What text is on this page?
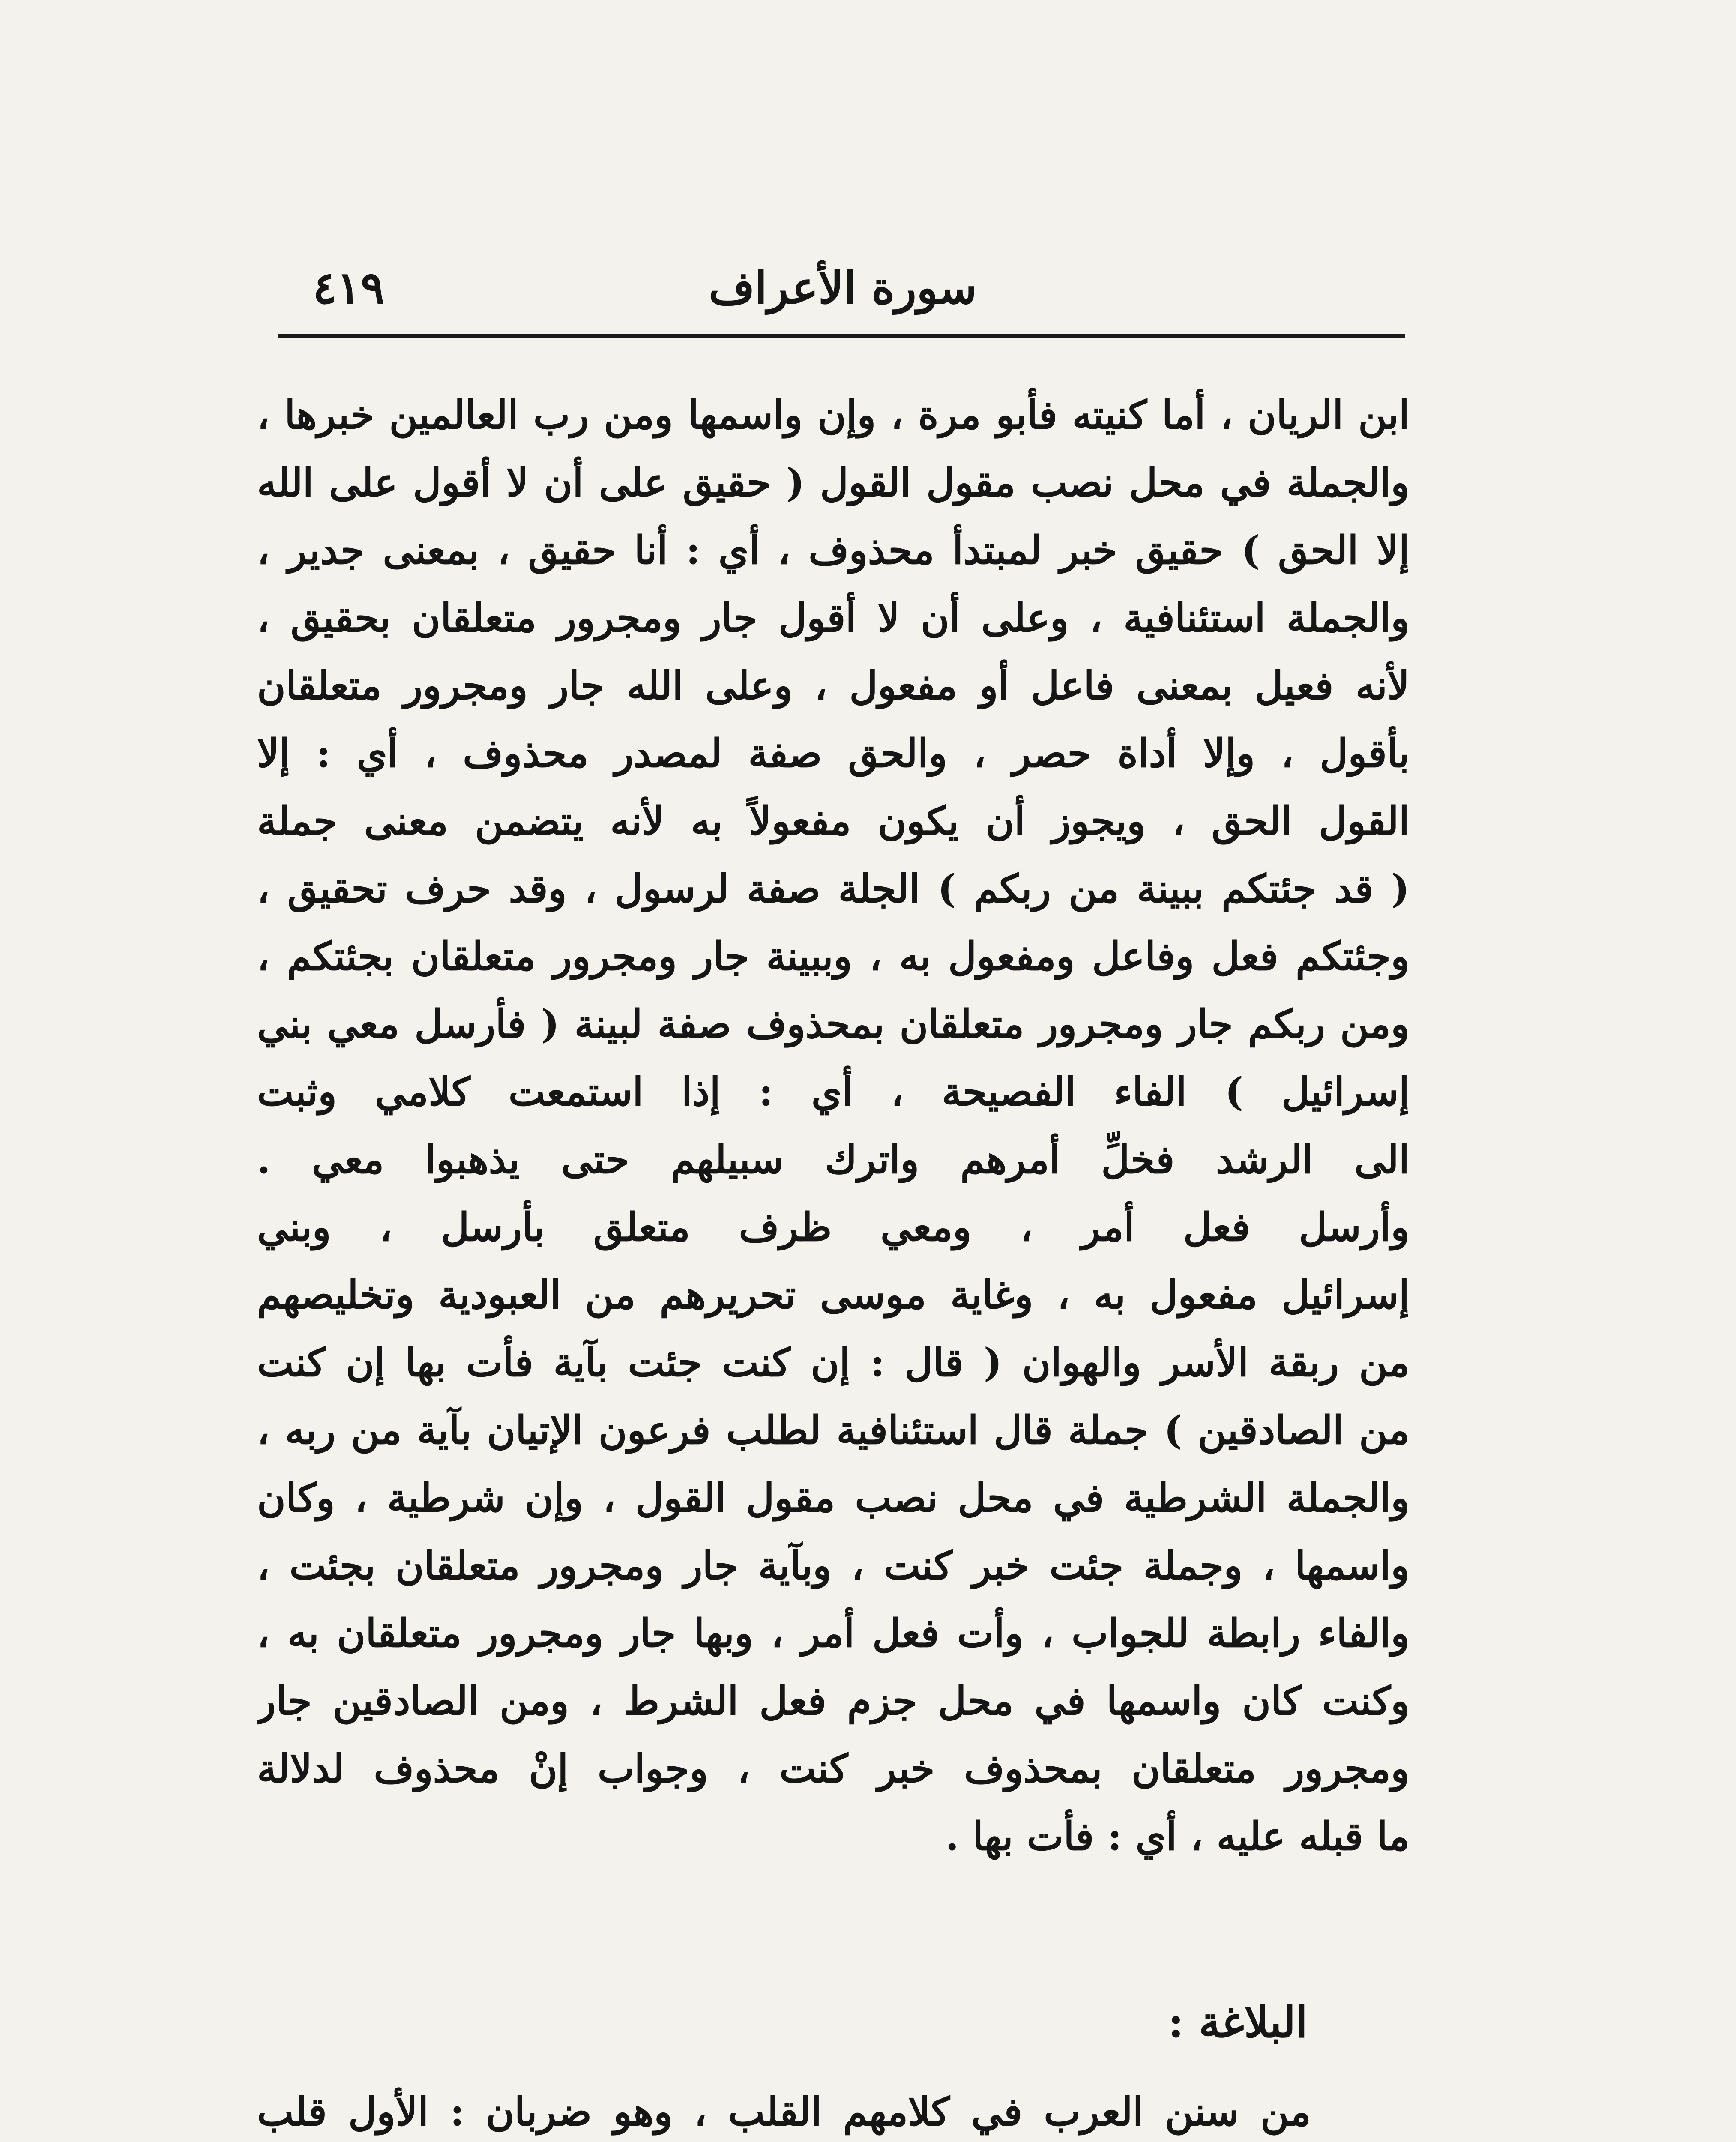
سورة الأعراف
٤١٩
ابن الريان ، أما كنيته فأبو مرة ، وإن واسمها ومن رب العالمين خبرها ،
والجملة في محل نصب مقول القول ( حقيق على أن لا أقول على الله
إلا الحق ) حقيق خبر لمبتدأ محذوف ، أي : أنا حقيق ، بمعنى جدير ،
والجملة استئنافية ، وعلى أن لا أقول جار ومجرور متعلقان بحقيق ،
لأنه فعيل بمعنى فاعل أو مفعول ، وعلى الله جار ومجرور متعلقان
بأقول ، وإلا أداة حصر ، والحق صفة لمصدر محذوف ، أي : إلا
القول الحق ، ويجوز أن يكون مفعولاً به لأنه يتضمن معنى جملة
( قد جئتكم ببينة من ربكم ) الجلة صفة لرسول ، وقد حرف تحقيق ،
وجئتكم فعل وفاعل ومفعول به ، وببينة جار ومجرور متعلقان بجئتكم ،
ومن ربكم جار ومجرور متعلقان بمحذوف صفة لبينة ( فأرسل معي بني
إسرائيل ) الفاء الفصيحة ، أي : إذا استمعت كلامي وثبت
الى الرشد فخلِّ أمرهم واترك سبيلهم حتى يذهبوا معي .
وأرسل فعل أمر ، ومعي ظرف متعلق بأرسل ، وبني
إسرائيل مفعول به ، وغاية موسى تحريرهم من العبودية وتخليصهم
من ربقة الأسر والهوان ( قال : إن كنت جئت بآية فأت بها إن كنت
من الصادقين ) جملة قال استئنافية لطلب فرعون الإتيان بآية من ربه ،
والجملة الشرطية في محل نصب مقول القول ، وإن شرطية ، وكان
واسمها ، وجملة جئت خبر كنت ، وبآية جار ومجرور متعلقان بجئت ،
والفاء رابطة للجواب ، وأت فعل أمر ، وبها جار ومجرور متعلقان به ،
وكنت كان واسمها في محل جزم فعل الشرط ، ومن الصادقين جار
ومجرور متعلقان بمحذوف خبر كنت ، وجواب إنْ محذوف لدلالة
ما قبله عليه ، أي : فأت بها .
البلاغة :
من سنن العرب في كلامهم القلب ، وهو ضربان : الأول قلب
